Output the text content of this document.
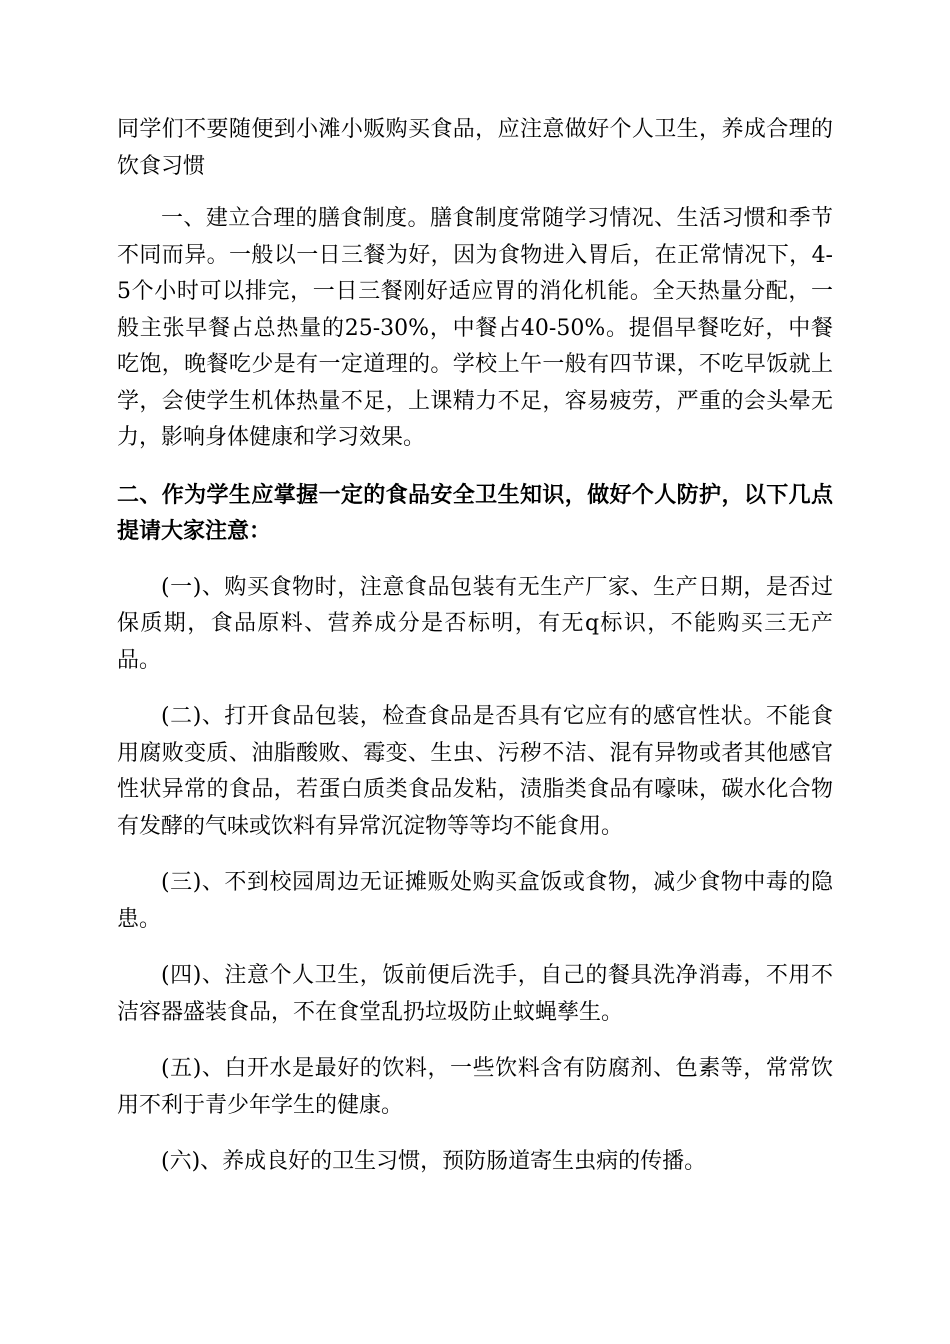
同学们不要随便到小滩小贩购买食品，应注意做好个人卫生，养成合理的饮食习惯

一、建立合理的膳食制度。膳食制度常随学习情况、生活习惯和季节不同而异。一般以一日三餐为好，因为食物进入胃后，在正常情况下，4-5个小时可以排完，一日三餐刚好适应胃的消化机能。全天热量分配，一般主张早餐占总热量的25-30%，中餐占40-50%。提倡早餐吃好，中餐吃饱，晚餐吃少是有一定道理的。学校上午一般有四节课，不吃早饭就上学，会使学生机体热量不足，上课精力不足，容易疲劳，严重的会头晕无力，影响身体健康和学习效果。

二、作为学生应掌握一定的食品安全卫生知识，做好个人防护，以下几点提请大家注意：

(一)、购买食物时，注意食品包装有无生产厂家、生产日期，是否过保质期，食品原料、营养成分是否标明，有无q标识，不能购买三无产品。

(二)、打开食品包装，检查食品是否具有它应有的感官性状。不能食用腐败变质、油脂酸败、霉变、生虫、污秽不洁、混有异物或者其他感官性状异常的食品，若蛋白质类食品发粘，渍脂类食品有嚎味，碳水化合物有发酵的气味或饮料有异常沉淀物等等均不能食用。

(三)、不到校园周边无证摊贩处购买盒饭或食物，减少食物中毒的隐患。

(四)、注意个人卫生，饭前便后洗手，自己的餐具洗净消毒，不用不洁容器盛装食品，不在食堂乱扔垃圾防止蚊蝇孳生。

(五)、白开水是最好的饮料，一些饮料含有防腐剂、色素等，常常饮用不利于青少年学生的健康。

(六)、养成良好的卫生习惯，预防肠道寄生虫病的传播。
